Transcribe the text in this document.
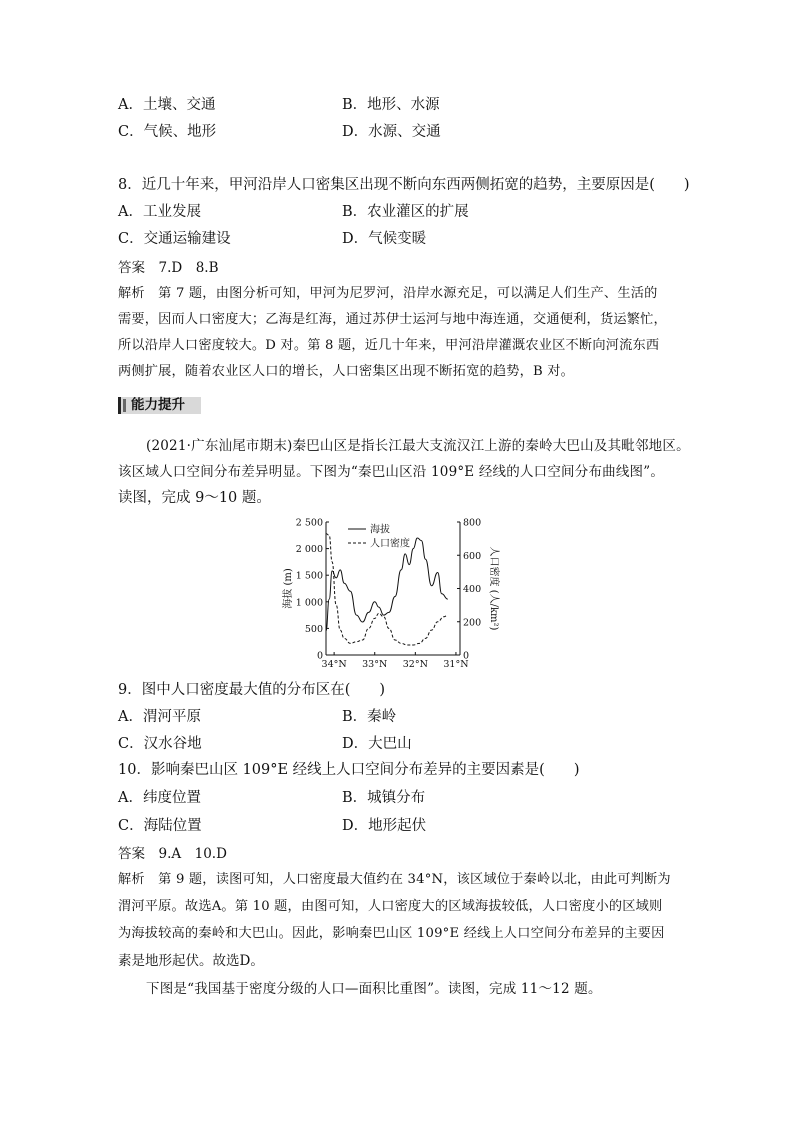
A．土壤、交通	B．地形、水源
C．气候、地形	D．水源、交通
8．近几十年来，甲河沿岸人口密集区出现不断向东西两侧拓宽的趋势，主要原因是(　　)
A．工业发展	B．农业灌区的扩展
C．交通运输建设	D．气候变暖
答案　7.D　8.B
解析　第 7 题，由图分析可知，甲河为尼罗河，沿岸水源充足，可以满足人们生产、生活的
需要，因而人口密度大；乙海是红海，通过苏伊士运河与地中海连通，交通便利，货运繁忙，
所以沿岸人口密度较大。D 对。第 8 题，近几十年来，甲河沿岸灌溉农业区不断向河流东西
两侧扩展，随着农业区人口的增长，人口密集区出现不断拓宽的趋势，B 对。
能力提升
(2021·广东汕尾市期末)秦巴山区是指长江最大支流汉江上游的秦岭大巴山及其毗邻地区。
该区域人口空间分布差异明显。下图为“秦巴山区沿 109°E 经线的人口空间分布曲线图”。
读图，完成 9～10 题。
0
500
1 000
1 500
2 000
2 500
0
200
400
600
800
34°N 33°N 32°N 31°N
海拔 (m)	人口密度 (人/km²)
海拔
人口密度
9．图中人口密度最大值的分布区在(　　)
A．渭河平原	B．秦岭
C．汉水谷地	D．大巴山
10．影响秦巴山区 109°E 经线上人口空间分布差异的主要因素是(　　)
A．纬度位置	B．城镇分布
C．海陆位置	D．地形起伏
答案　9.A　10.D
解析　第 9 题，读图可知，人口密度最大值约在 34°N，该区域位于秦岭以北，由此可判断为
渭河平原。故选A。第 10 题，由图可知，人口密度大的区域海拔较低，人口密度小的区域则
为海拔较高的秦岭和大巴山。因此，影响秦巴山区 109°E 经线上人口空间分布差异的主要因
素是地形起伏。故选D。
下图是“我国基于密度分级的人口—面积比重图”。读图，完成 11～12 题。
